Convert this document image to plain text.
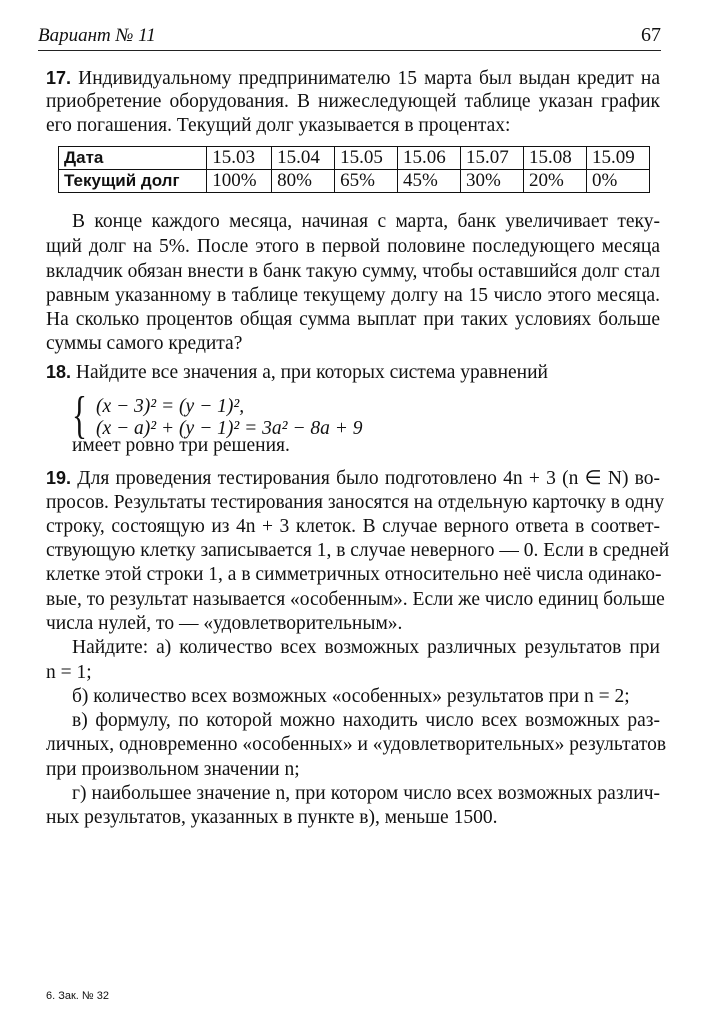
Вариант № 11	67
17. Индивидуальному предпринимателю 15 марта был выдан кредит на
приобретение оборудования. В нижеследующей таблице указан график
его погашения. Текущий долг указывается в процентах:
Дата	15.03	15.04	15.05	15.06	15.07	15.08	15.09
Текущий долг	100%	80%	65%	45%	30%	20%	0%
В конце каждого месяца, начиная с марта, банк увеличивает теку-
щий долг на 5%. После этого в первой половине последующего месяца
вкладчик обязан внести в банк такую сумму, чтобы оставшийся долг стал
равным указанному в таблице текущему долгу на 15 число этого месяца.
На сколько процентов общая сумма выплат при таких условиях больше
суммы самого кредита?
18. Найдите все значения a, при которых система уравнений
{ (x − 3)² = (y − 1)²,
(x − a)² + (y − 1)² = 3a² − 8a + 9
имеет ровно три решения.
19. Для проведения тестирования было подготовлено 4n + 3 (n ∈ N) во-
просов. Результаты тестирования заносятся на отдельную карточку в одну
строку, состоящую из 4n + 3 клеток. В случае верного ответа в соответ-
ствующую клетку записывается 1, в случае неверного — 0. Если в средней
клетке этой строки 1, а в симметричных относительно неё числа одинако-
вые, то результат называется «особенным». Если же число единиц больше
числа нулей, то — «удовлетворительным».
Найдите: а) количество всех возможных различных результатов при
n = 1;
б) количество всех возможных «особенных» результатов при n = 2;
в) формулу, по которой можно находить число всех возможных раз-
личных, одновременно «особенных» и «удовлетворительных» результатов
при произвольном значении n;
г) наибольшее значение n, при котором число всех возможных различ-
ных результатов, указанных в пункте в), меньше 1500.
6. Зак. № 32
